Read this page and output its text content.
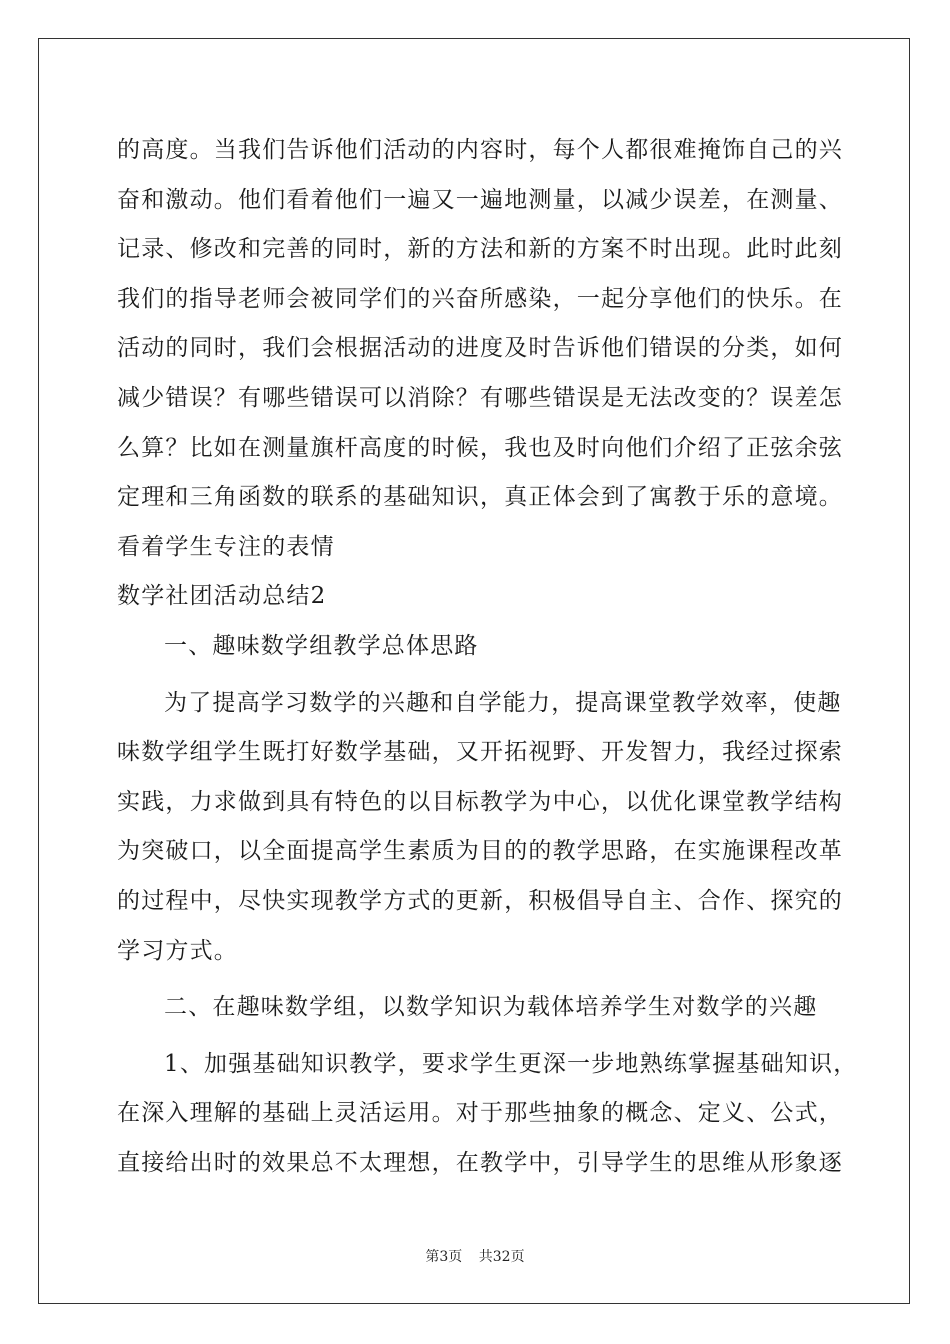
的高度。当我们告诉他们活动的内容时，每个人都很难掩饰自己的兴
奋和激动。他们看着他们一遍又一遍地测量，以减少误差，在测量、
记录、修改和完善的同时，新的方法和新的方案不时出现。此时此刻
我们的指导老师会被同学们的兴奋所感染，一起分享他们的快乐。在
活动的同时，我们会根据活动的进度及时告诉他们错误的分类，如何
减少错误？有哪些错误可以消除？有哪些错误是无法改变的？误差怎
么算？比如在测量旗杆高度的时候，我也及时向他们介绍了正弦余弦
定理和三角函数的联系的基础知识，真正体会到了寓教于乐的意境。
看着学生专注的表情
数学社团活动总结2
一、趣味数学组教学总体思路
为了提高学习数学的兴趣和自学能力，提高课堂教学效率，使趣
味数学组学生既打好数学基础，又开拓视野、开发智力，我经过探索
实践，力求做到具有特色的以目标教学为中心，以优化课堂教学结构
为突破口，以全面提高学生素质为目的的教学思路，在实施课程改革
的过程中，尽快实现教学方式的更新，积极倡导自主、合作、探究的
学习方式。
二、在趣味数学组，以数学知识为载体培养学生对数学的兴趣
1、加强基础知识教学，要求学生更深一步地熟练掌握基础知识，
在深入理解的基础上灵活运用。对于那些抽象的概念、定义、公式，
直接给出时的效果总不太理想，在教学中，引导学生的思维从形象逐
第3页 共32页
